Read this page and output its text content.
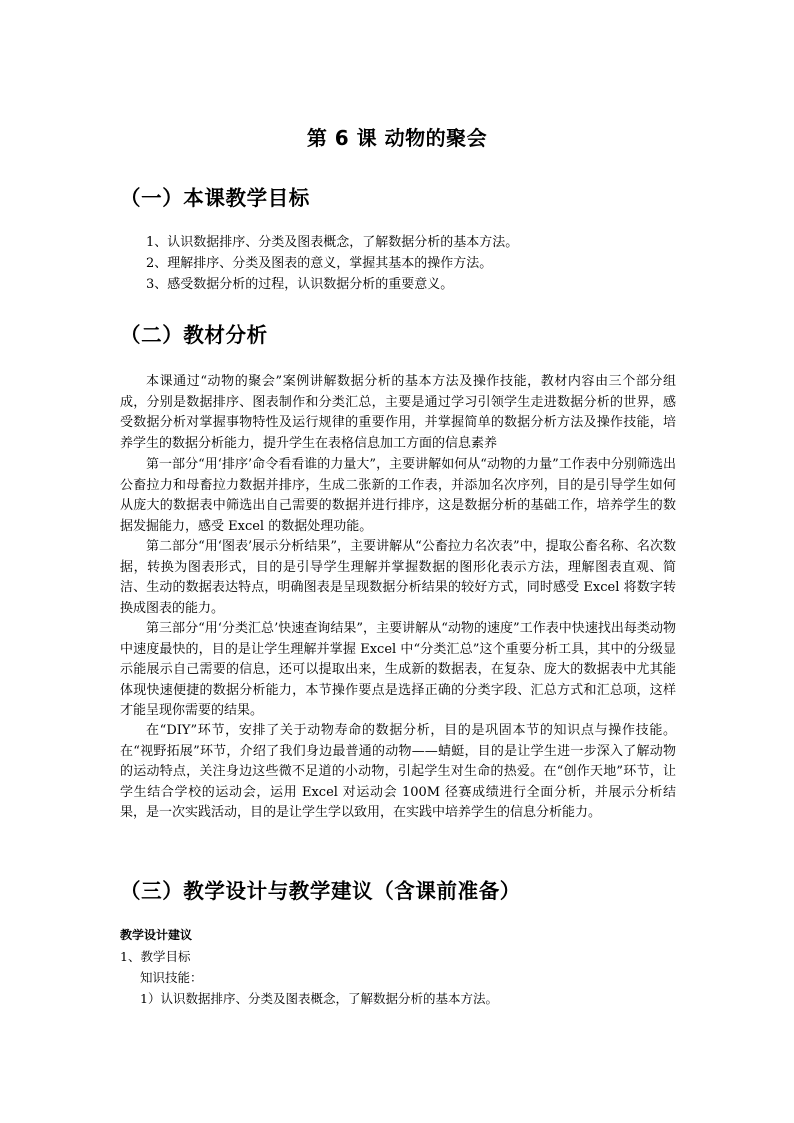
第 6 课 动物的聚会
（一）本课教学目标
1、认识数据排序、分类及图表概念，了解数据分析的基本方法。
2、理解排序、分类及图表的意义，掌握其基本的操作方法。
3、感受数据分析的过程，认识数据分析的重要意义。
（二）教材分析
本课通过“动物的聚会”案例讲解数据分析的基本方法及操作技能，教材内容由三个部分组成，分别是数据排序、图表制作和分类汇总，主要是通过学习引领学生走进数据分析的世界，感受数据分析对掌握事物特性及运行规律的重要作用，并掌握简单的数据分析方法及操作技能，培养学生的数据分析能力，提升学生在表格信息加工方面的信息素养
第一部分“用‘排序’命令看看谁的力量大”，主要讲解如何从“动物的力量”工作表中分别筛选出公畜拉力和母畜拉力数据并排序，生成二张新的工作表，并添加名次序列，目的是引导学生如何从庞大的数据表中筛选出自己需要的数据并进行排序，这是数据分析的基础工作，培养学生的数据发掘能力，感受 Excel 的数据处理功能。
第二部分“用‘图表’展示分析结果”，主要讲解从“公畜拉力名次表”中，提取公畜名称、名次数据，转换为图表形式，目的是引导学生理解并掌握数据的图形化表示方法，理解图表直观、简洁、生动的数据表达特点，明确图表是呈现数据分析结果的较好方式，同时感受 Excel 将数字转换成图表的能力。
第三部分“用‘分类汇总’快速查询结果”，主要讲解从“动物的速度”工作表中快速找出每类动物中速度最快的，目的是让学生理解并掌握 Excel 中“分类汇总”这个重要分析工具，其中的分级显示能展示自己需要的信息，还可以提取出来，生成新的数据表，在复杂、庞大的数据表中尤其能体现快速便捷的数据分析能力，本节操作要点是选择正确的分类字段、汇总方式和汇总项，这样才能呈现你需要的结果。
在“DIY”环节，安排了关于动物寿命的数据分析，目的是巩固本节的知识点与操作技能。在“视野拓展”环节，介绍了我们身边最普通的动物——蜻蜓，目的是让学生进一步深入了解动物的运动特点，关注身边这些微不足道的小动物，引起学生对生命的热爱。在“创作天地”环节，让学生结合学校的运动会，运用 Excel 对运动会 100M 径赛成绩进行全面分析，并展示分析结果，是一次实践活动，目的是让学生学以致用，在实践中培养学生的信息分析能力。
（三）教学设计与教学建议（含课前准备）
教学设计建议
1、教学目标
知识技能：
1）认识数据排序、分类及图表概念，了解数据分析的基本方法。
